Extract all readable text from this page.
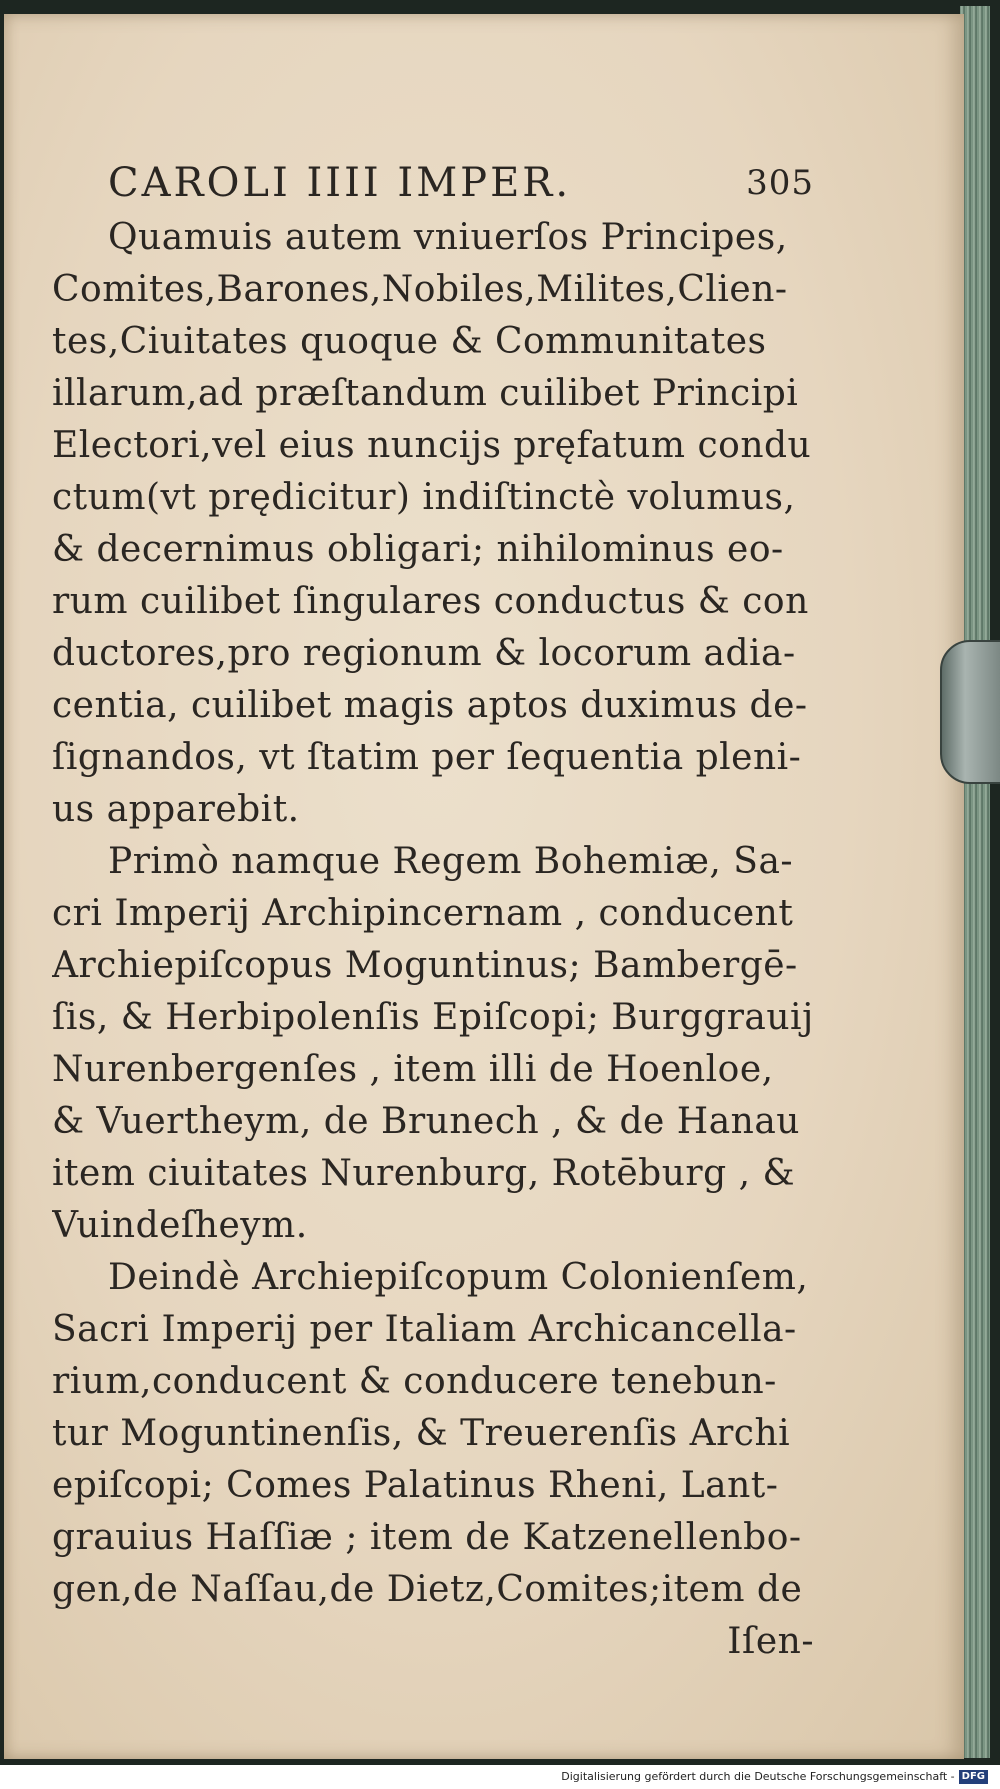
CAROLI IIII IMPER.	305
Quamuis autem vniuerſos Principes,
Comites,Barones,Nobiles,Milites,Clien-
tes,Ciuitates quoque & Communitates
illarum,ad præſtandum cuilibet Principi
Electori,vel eius nuncijs pręfatum condu
ctum(vt prędicitur) indiſtinctè volumus,
& decernimus obligari; nihilominus eo-
rum cuilibet ſingulares conductus & con
ductores,pro regionum & locorum adia-
centia, cuilibet magis aptos duximus de-
ſignandos, vt ſtatim per ſequentia pleni-
us apparebit.
Primò namque Regem Bohemiæ, Sa-
cri Imperij Archipincernam , conducent
Archiepiſcopus Moguntinus; Bambergē-
ſis, & Herbipolenſis Epiſcopi; Burggrauij
Nurenbergenſes , item illi de Hoenloe,
& Vuertheym, de Brunech , & de Hanau
item ciuitates Nurenburg, Rotēburg , &
Vuindeſheym.
Deindè Archiepiſcopum Colonienſem,
Sacri Imperij per Italiam Archicancella-
rium,conducent & conducere tenebun-
tur Moguntinenſis, & Treuerenſis Archi
epiſcopi; Comes Palatinus Rheni, Lant-
grauius Haſſiæ ; item de Katzenellenbo-
gen,de Naſſau,de Dietz,Comites;item de
Iſen-
Digitalisierung gefördert durch die Deutsche Forschungsgemeinschaft - DFG
